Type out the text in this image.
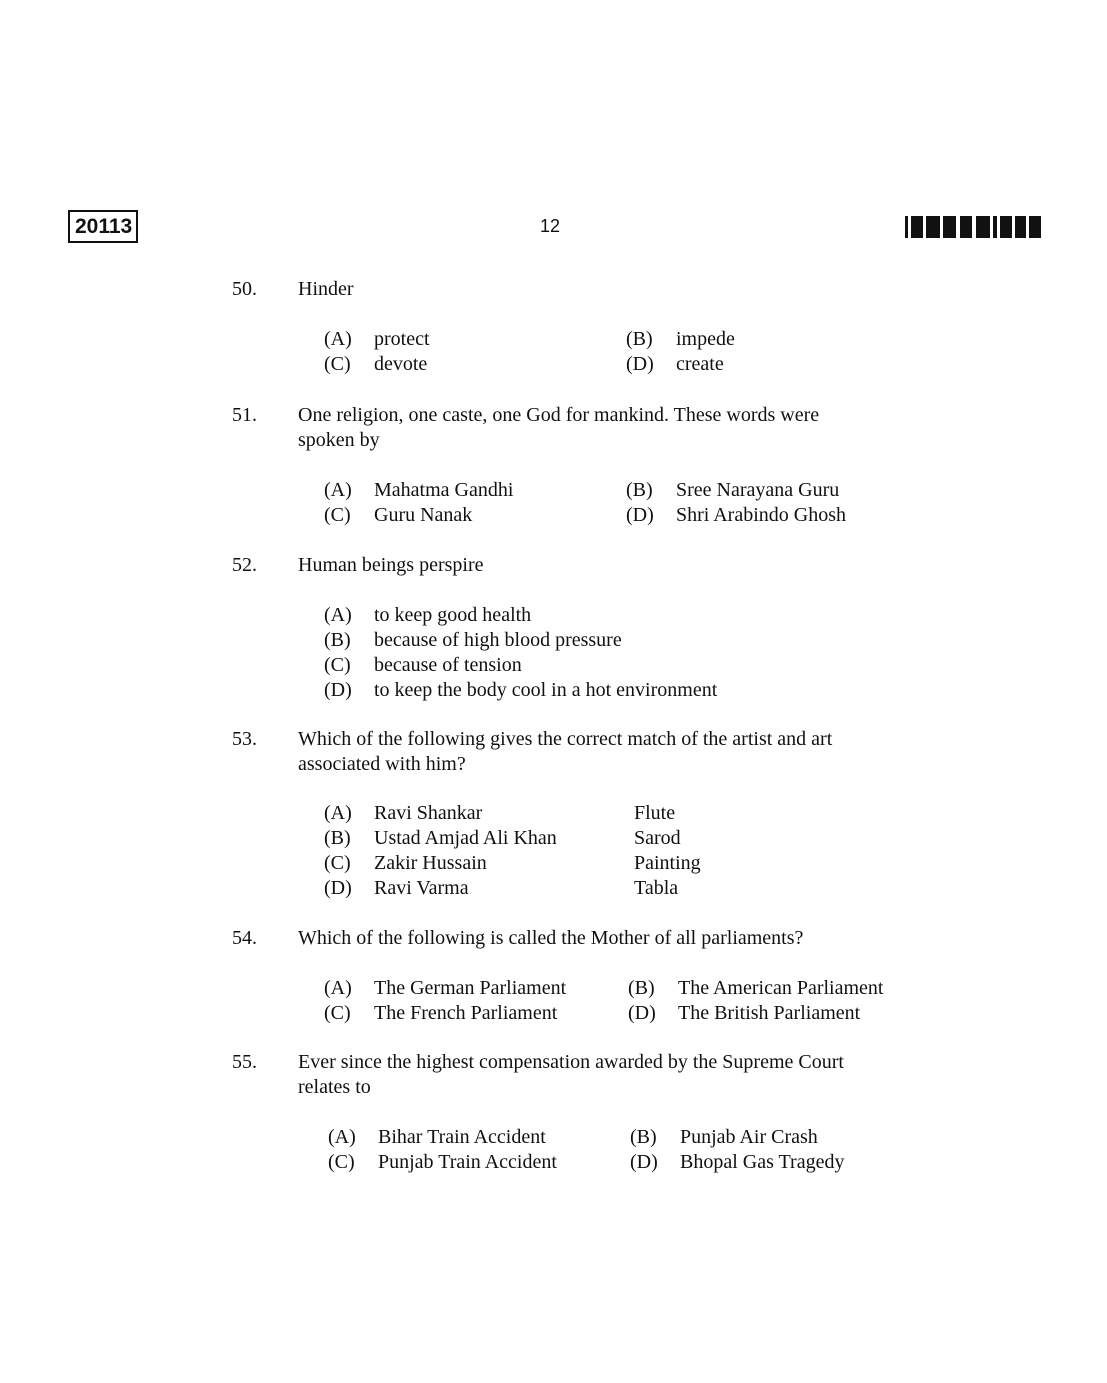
20113	12
50. Hinder
(A) protect	(B) impede
(C) devote	(D) create
51. One religion, one caste, one God for mankind. These words were
spoken by
(A) Mahatma Gandhi	(B) Sree Narayana Guru
(C) Guru Nanak	(D) Shri Arabindo Ghosh
52. Human beings perspire
(A) to keep good health
(B) because of high blood pressure
(C) because of tension
(D) to keep the body cool in a hot environment
53. Which of the following gives the correct match of the artist and art
associated with him?
(A) Ravi Shankar	Flute
(B) Ustad Amjad Ali Khan	Sarod
(C) Zakir Hussain	Painting
(D) Ravi Varma	Tabla
54. Which of the following is called the Mother of all parliaments?
(A) The German Parliament	(B) The American Parliament
(C) The French Parliament	(D) The British Parliament
55. Ever since the highest compensation awarded by the Supreme Court
relates to
(A) Bihar Train Accident	(B) Punjab Air Crash
(C) Punjab Train Accident	(D) Bhopal Gas Tragedy
